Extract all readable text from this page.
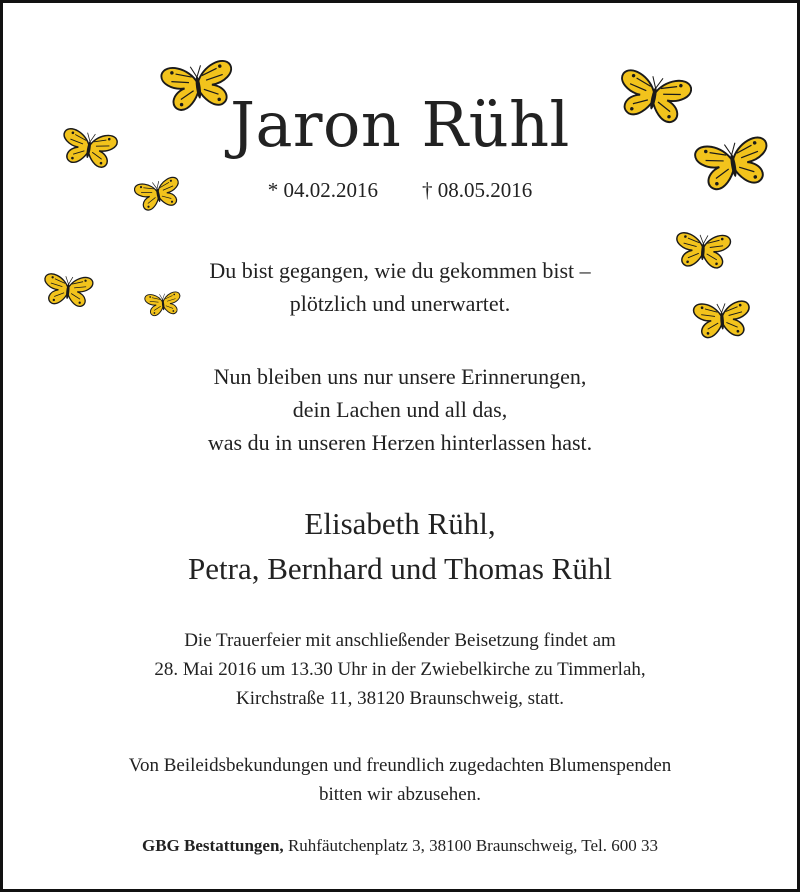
Jaron Rühl
* 04.02.2016 † 08.05.2016
Du bist gegangen, wie du gekommen bist –
plötzlich und unerwartet.
Nun bleiben uns nur unsere Erinnerungen,
dein Lachen und all das,
was du in unseren Herzen hinterlassen hast.
Elisabeth Rühl,
Petra, Bernhard und Thomas Rühl
Die Trauerfeier mit anschließender Beisetzung findet am
28. Mai 2016 um 13.30 Uhr in der Zwiebelkirche zu Timmerlah,
Kirchstraße 11, 38120 Braunschweig, statt.
Von Beileidsbekundungen und freundlich zugedachten Blumenspenden
bitten wir abzusehen.
GBG Bestattungen, Ruhfäutchenplatz 3, 38100 Braunschweig, Tel. 600 33
